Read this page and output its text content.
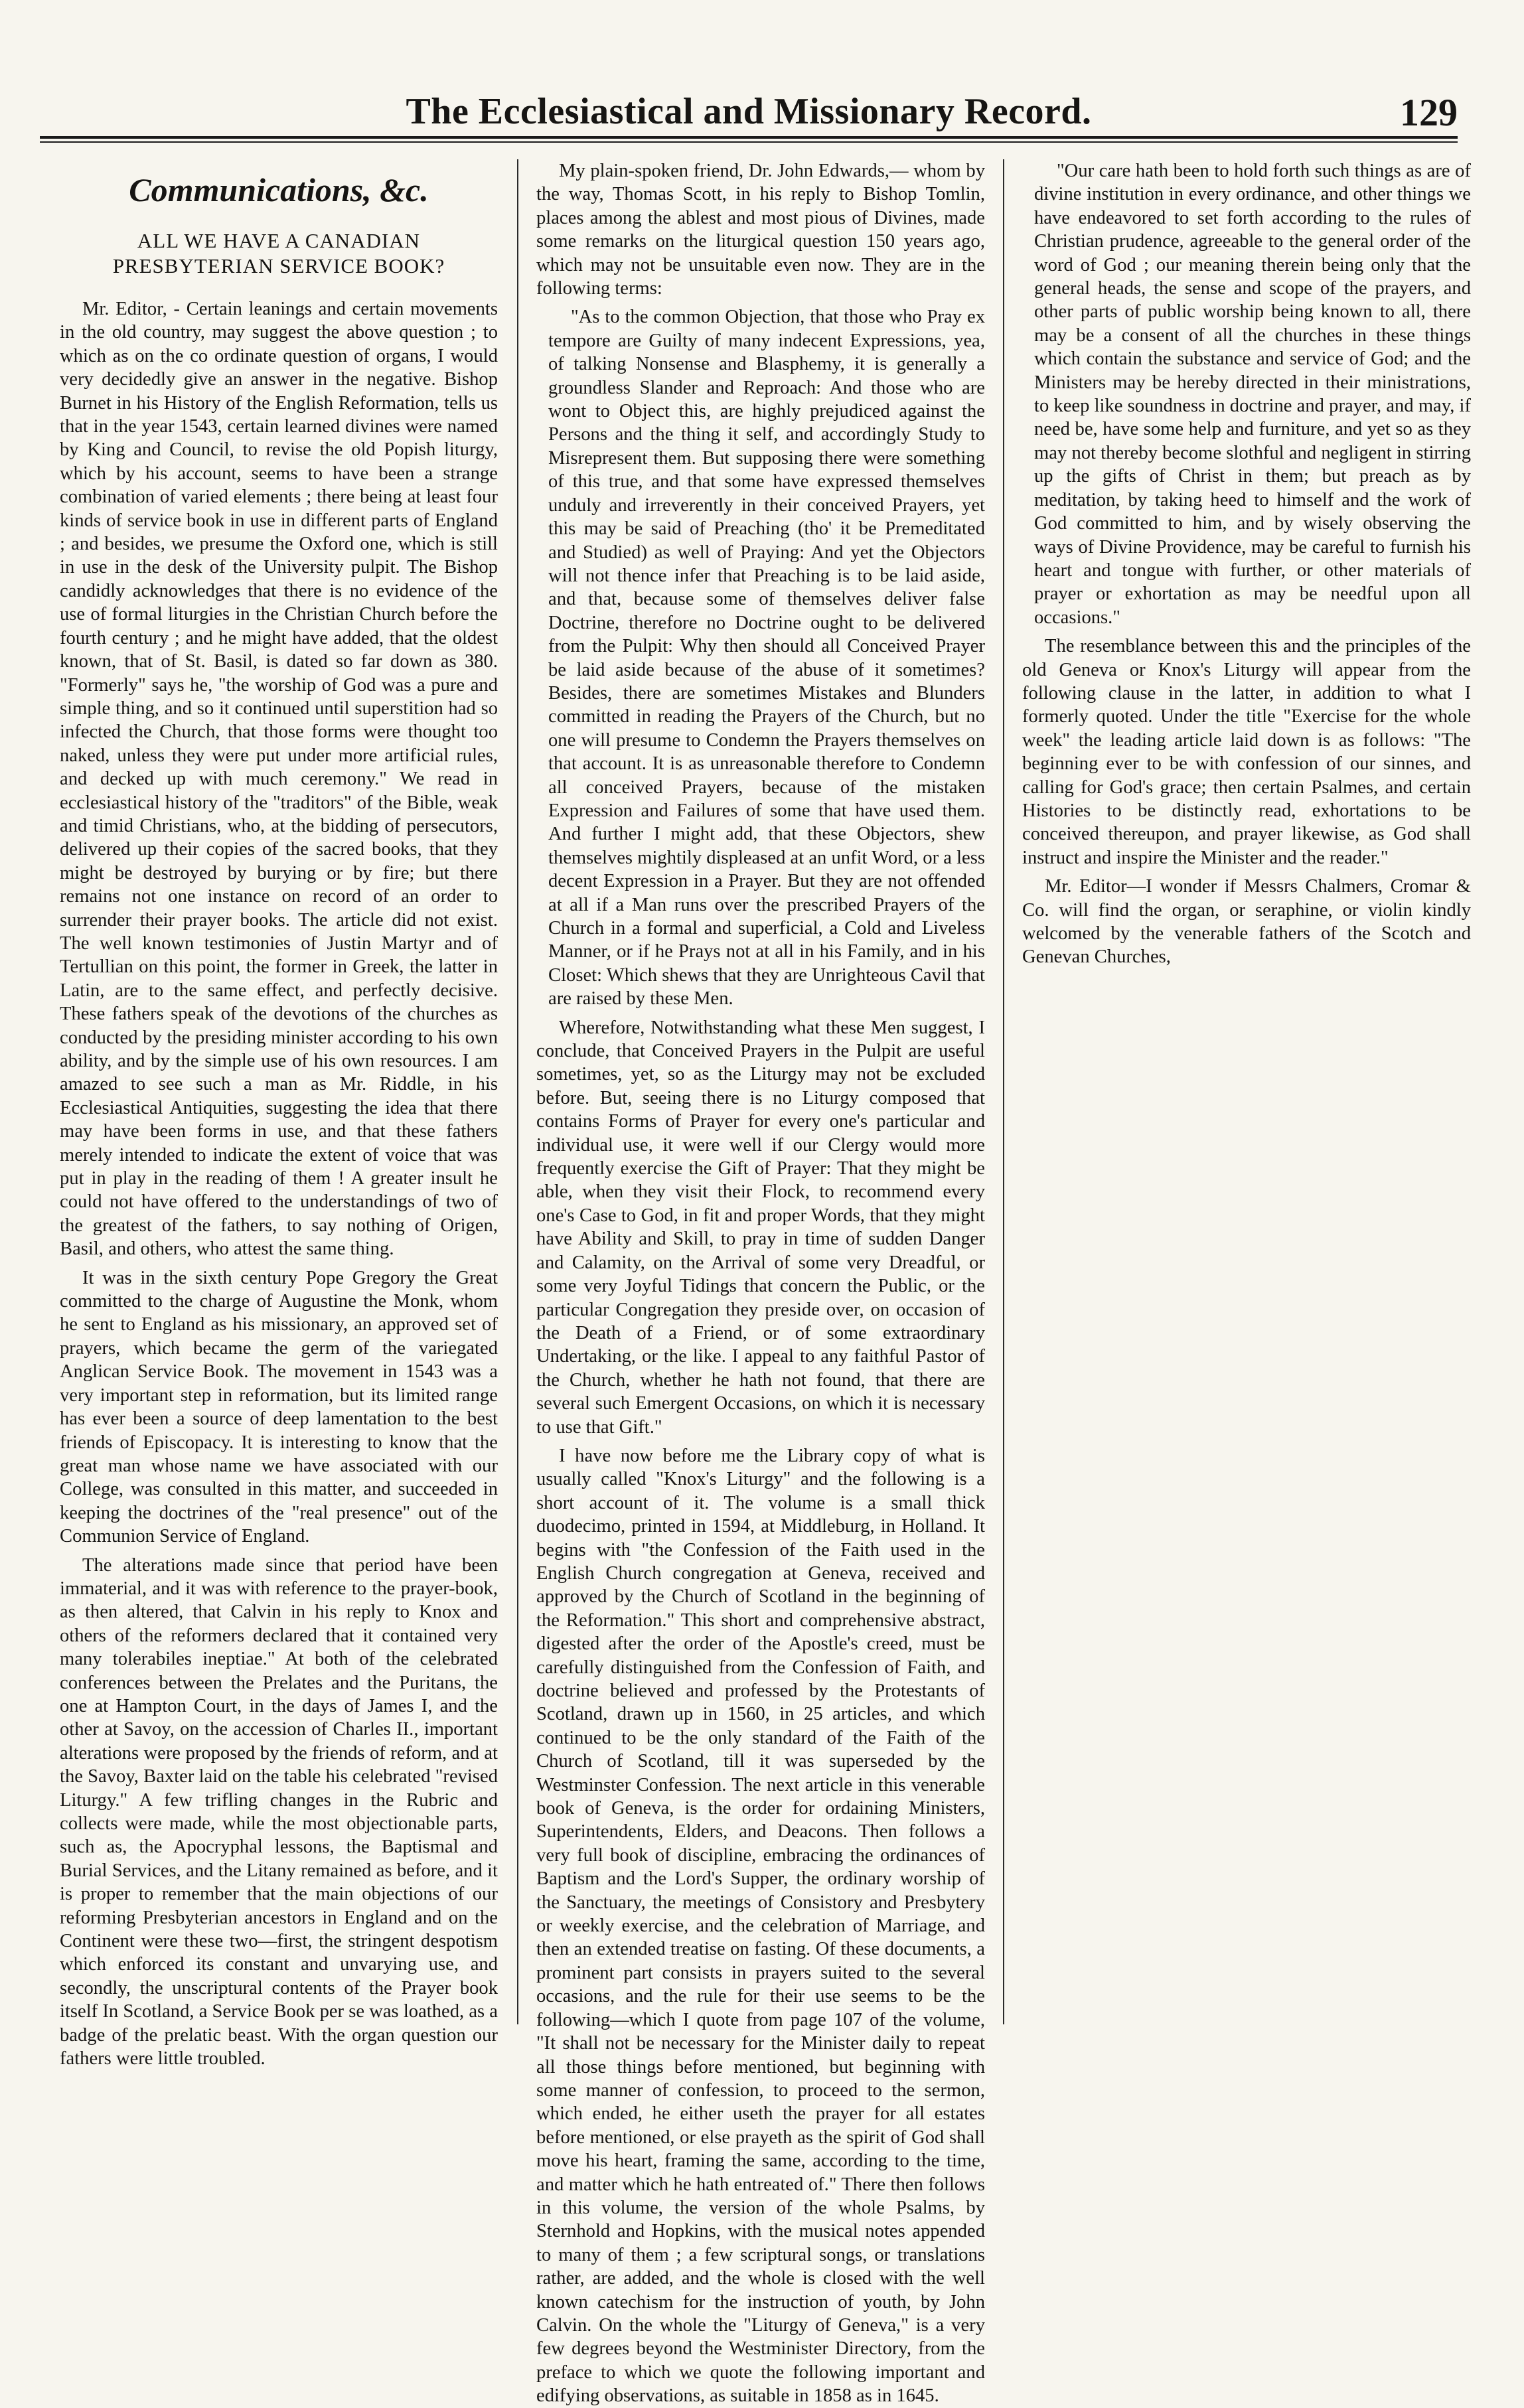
The Ecclesiastical and Missionary Record.	129
Communications, &c.
ALL WE HAVE A CANADIAN PRESBYTERIAN SERVICE BOOK?

Mr. Editor, - Certain leanings and certain movements in the old country, may suggest the above question ; to which as on the co ordinate question of organs, I would very decidedly give an answer in the negative. Bishop Burnet in his History of the English Reformation, tells us that in the year 1543, certain learned divines were named by King and Council, to revise the old Popish liturgy, which by his account, seems to have been a strange combination of varied elements ; there being at least four kinds of service book in use in different parts of England ; and besides, we presume the Oxford one, which is still in use in the desk of the University pulpit. The Bishop candidly acknowledges that there is no evidence of the use of formal liturgies in the Christian Church before the fourth century ; and he might have added, that the oldest known, that of St. Basil, is dated so far down as 380. "Formerly" says he, "the worship of God was a pure and simple thing, and so it continued until superstition had so infected the Church, that those forms were thought too naked, unless they were put under more artificial rules, and decked up with much ceremony." We read in ecclesiastical history of the "traditors" of the Bible, weak and timid Christians, who, at the bidding of persecutors, delivered up their copies of the sacred books, that they might be destroyed by burying or by fire; but there remains not one instance on record of an order to surrender their prayer books. The article did not exist. The well known testimonies of Justin Martyr and of Tertullian on this point, the former in Greek, the latter in Latin, are to the same effect, and perfectly decisive. These fathers speak of the devotions of the churches as conducted by the presiding minister according to his own ability, and by the simple use of his own resources. I am amazed to see such a man as Mr. Riddle, in his Ecclesiastical Antiquities, suggesting the idea that there may have been forms in use, and that these fathers merely intended to indicate the extent of voice that was put in play in the reading of them ! A greater insult he could not have offered to the understandings of two of the greatest of the fathers, to say nothing of Origen, Basil, and others, who attest the same thing.

It was in the sixth century Pope Gregory the Great committed to the charge of Augustine the Monk, whom he sent to England as his missionary, an approved set of prayers, which became the germ of the variegated Anglican Service Book. The movement in 1543 was a very important step in reformation, but its limited range has ever been a source of deep lamentation to the best friends of Episcopacy. It is interesting to know that the great man whose name we have associated with our College, was consulted in this matter, and succeeded in keeping the doctrines of the "real presence" out of the Communion Service of England.

The alterations made since that period have been immaterial, and it was with reference to the prayer-book, as then altered, that Calvin in his reply to Knox and others of the reformers declared that it contained very many tolerabiles ineptiae." At both of the celebrated conferences between the Prelates and the Puritans, the one at Hampton Court, in the days of James I, and the other at Savoy, on the accession of Charles II., important alterations were proposed by the friends of reform, and at the Savoy, Baxter laid on the table his celebrated "revised Liturgy." A few trifling changes in the Rubric and collects were made, while the most objectionable parts, such as, the Apocryphal lessons, the Baptismal and Burial Services, and the Litany remained as before, and it is proper to remember that the main objections of our reforming Presbyterian ancestors in England and on the Continent were these two—first, the stringent despotism which enforced its constant and unvarying use, and secondly, the unscriptural contents of the Prayer book itself In Scotland, a Service Book per se was loathed, as a badge of the prelatic beast. With the organ question our fathers were little troubled.

My plain-spoken friend, Dr. John Edwards,— whom by the way, Thomas Scott, in his reply to Bishop Tomlin, places among the ablest and most pious of Divines, made some remarks on the liturgical question 150 years ago, which may not be unsuitable even now. They are in the following terms:

"As to the common Objection, that those who Pray ex tempore are Guilty of many indecent Expressions, yea, of talking Nonsense and Blasphemy, it is generally a groundless Slander and Reproach: And those who are wont to Object this, are highly prejudiced against the Persons and the thing it self, and accordingly Study to Misrepresent them. But supposing there were something of this true, and that some have expressed themselves unduly and irreverently in their conceived Prayers, yet this may be said of Preaching (tho' it be Premeditated and Studied) as well of Praying: And yet the Objectors will not thence infer that Preaching is to be laid aside, and that, because some of themselves deliver false Doctrine, therefore no Doctrine ought to be delivered from the Pulpit: Why then should all Conceived Prayer be laid aside because of the abuse of it sometimes? Besides, there are sometimes Mistakes and Blunders committed in reading the Prayers of the Church, but no one will presume to Condemn the Prayers themselves on that account. It is as unreasonable therefore to Condemn all conceived Prayers, because of the mistaken Expression and Failures of some that have used them. And further I might add, that these Objectors, shew themselves mightily displeased at an unfit Word, or a less decent Expression in a Prayer. But they are not offended at all if a Man runs over the prescribed Prayers of the Church in a formal and superficial, a Cold and Liveless Manner, or if he Prays not at all in his Family, and in his Closet: Which shews that they are Unrighteous Cavil that are raised by these Men.

Wherefore, Notwithstanding what these Men suggest, I conclude, that Conceived Prayers in the Pulpit are useful sometimes, yet, so as the Liturgy may not be excluded before. But, seeing there is no Liturgy composed that contains Forms of Prayer for every one's particular and individual use, it were well if our Clergy would more frequently exercise the Gift of Prayer: That they might be able, when they visit their Flock, to recommend every one's Case to God, in fit and proper Words, that they might have Ability and Skill, to pray in time of sudden Danger and Calamity, on the Arrival of some very Dreadful, or some very Joyful Tidings that concern the Public, or the particular Congregation they preside over, on occasion of the Death of a Friend, or of some extraordinary Undertaking, or the like. I appeal to any faithful Pastor of the Church, whether he hath not found, that there are several such Emergent Occasions, on which it is necessary to use that Gift."

I have now before me the Library copy of what is usually called "Knox's Liturgy" and the following is a short account of it. The volume is a small thick duodecimo, printed in 1594, at Middleburg, in Holland. It begins with "the Confession of the Faith used in the English Church congregation at Geneva, received and approved by the Church of Scotland in the beginning of the Reformation." This short and comprehensive abstract, digested after the order of the Apostle's creed, must be carefully distinguished from the Confession of Faith, and doctrine believed and professed by the Protestants of Scotland, drawn up in 1560, in 25 articles, and which continued to be the only standard of the Faith of the Church of Scotland, till it was superseded by the Westminster Confession. The next article in this venerable book of Geneva, is the order for ordaining Ministers, Superintendents, Elders, and Deacons. Then follows a very full book of discipline, embracing the ordinances of Baptism and the Lord's Supper, the ordinary worship of the Sanctuary, the meetings of Consistory and Presbytery or weekly exercise, and the celebration of Marriage, and then an extended treatise on fasting. Of these documents, a prominent part consists in prayers suited to the several occasions, and the rule for their use seems to be the following—which I quote from page 107 of the volume, "It shall not be necessary for the Minister daily to repeat all those things before mentioned, but beginning with some manner of confession, to proceed to the sermon, which ended, he either useth the prayer for all estates before mentioned, or else prayeth as the spirit of God shall move his heart, framing the same, according to the time, and matter which he hath entreated of." There then follows in this volume, the version of the whole Psalms, by Sternhold and Hopkins, with the musical notes appended to many of them ; a few scriptural songs, or translations rather, are added, and the whole is closed with the well known catechism for the instruction of youth, by John Calvin. On the whole the "Liturgy of Geneva," is a very few degrees beyond the Westminister Directory, from the preface to which we quote the following important and edifying observations, as suitable in 1858 as in 1645.

"Our care hath been to hold forth such things as are of divine institution in every ordinance, and other things we have endeavored to set forth according to the rules of Christian prudence, agreeable to the general order of the word of God ; our meaning therein being only that the general heads, the sense and scope of the prayers, and other parts of public worship being known to all, there may be a consent of all the churches in these things which contain the substance and service of God; and the Ministers may be hereby directed in their ministrations, to keep like soundness in doctrine and prayer, and may, if need be, have some help and furniture, and yet so as they may not thereby become slothful and negligent in stirring up the gifts of Christ in them; but preach as by meditation, by taking heed to himself and the work of God committed to him, and by wisely observing the ways of Divine Providence, may be careful to furnish his heart and tongue with further, or other materials of prayer or exhortation as may be needful upon all occasions."

The resemblance between this and the principles of the old Geneva or Knox's Liturgy will appear from the following clause in the latter, in addition to what I formerly quoted. Under the title "Exercise for the whole week" the leading article laid down is as follows: "The beginning ever to be with confession of our sinnes, and calling for God's grace; then certain Psalmes, and certain Histories to be distinctly read, exhortations to be conceived thereupon, and prayer likewise, as God shall instruct and inspire the Minister and the reader."

Mr. Editor—I wonder if Messrs Chalmers, Cromar & Co. will find the organ, or seraphine, or violin kindly welcomed by the venerable fathers of the Scotch and Genevan Churches,
